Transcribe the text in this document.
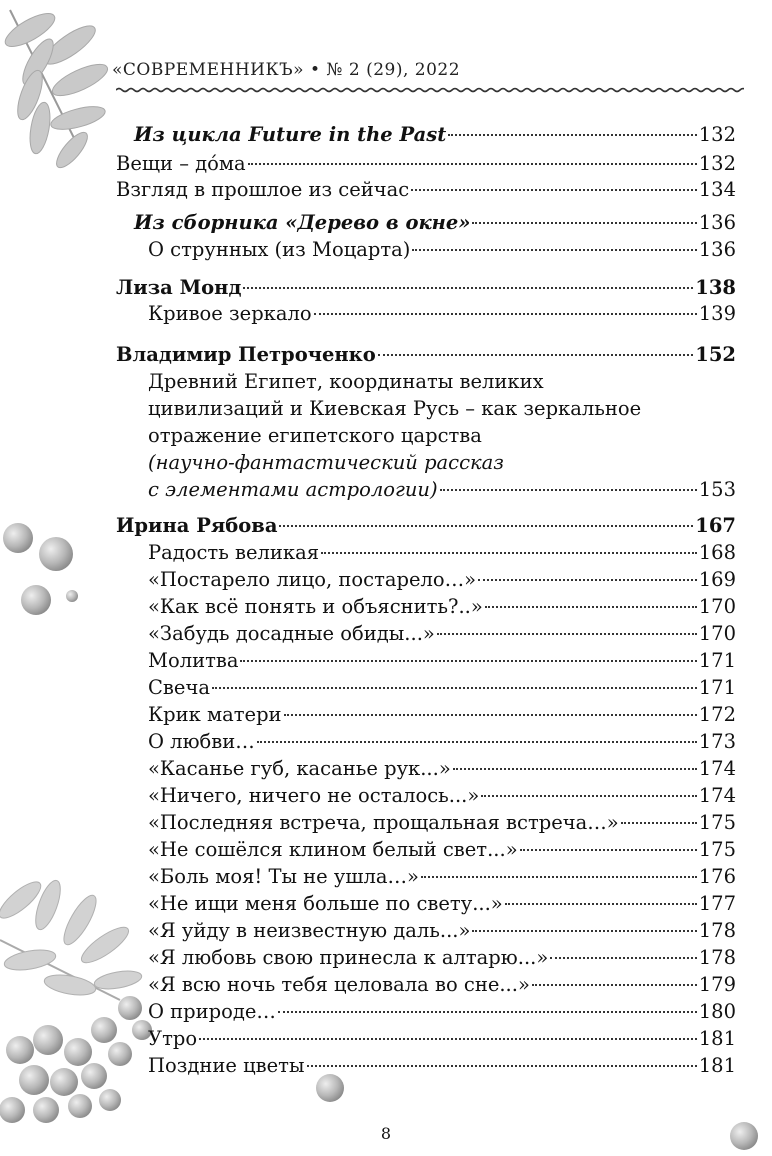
«СОВРЕМЕННИКЪ» • № 2 (29), 2022
Из цикла Future in the Past	132
Вещи – до́ма	132
Взгляд в прошлое из сейчас	134
Из сборника «Дерево в окне»	136
О струнных (из Моцарта)	136
Лиза Монд	138
Кривое зеркало	139
Владимир Петроченко	152
Древний Египет, координаты великих
цивилизаций и Киевская Русь – как зеркальное
отражение египетского царства
(научно-фантастический рассказ
с элементами астрологии)	153
Ирина Рябова	167
Радость великая	168
«Постарело лицо, постарело…»	169
«Как всё понять и объяснить?..»	170
«Забудь досадные обиды...»	170
Молитва	171
Свеча	171
Крик матери	172
О любви…	173
«Касанье губ, касанье рук...»	174
«Ничего, ничего не осталось...»	174
«Последняя встреча, прощальная встреча…»	175
«Не сошёлся клином белый свет...»	175
«Боль моя! Ты не ушла…»	176
«Не ищи меня больше по свету...»	177
«Я уйду в неизвестную даль...»	178
«Я любовь свою принесла к алтарю...»	178
«Я всю ночь тебя целовала во сне...»	179
О природе…	180
Утро	181
Поздние цветы	181
8
